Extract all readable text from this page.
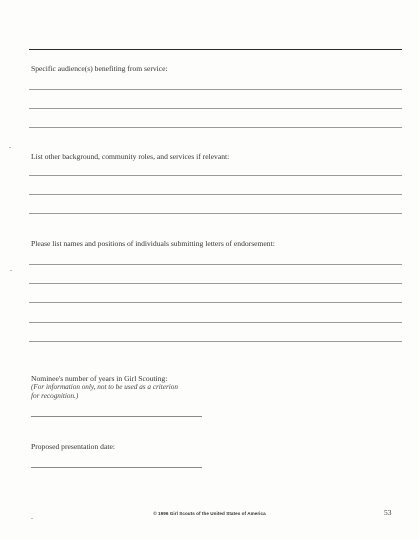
Specific audience(s) benefiting from service:
List other background, community roles, and services if relevant:
Please list names and positions of individuals submitting letters of endorsement:
Nominee's number of years in Girl Scouting:
(For information only, not to be used as a criterion
for recognition.)
Proposed presentation date:
© 1996 Girl Scouts of the United States of America	53
